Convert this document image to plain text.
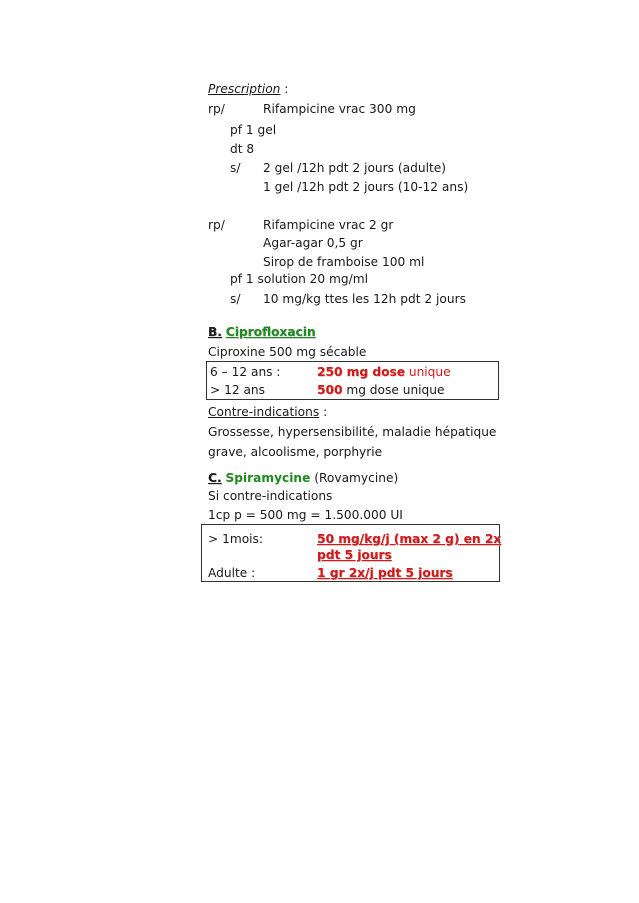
Prescription :
rp/	Rifampicine vrac 300 mg
pf 1 gel
dt 8
s/ 2 gel /12h pdt 2 jours (adulte)
1 gel /12h pdt 2 jours (10-12 ans)
rp/	Rifampicine vrac 2 gr
Agar-agar 0,5 gr
Sirop de framboise 100 ml
pf 1 solution 20 mg/ml
s/ 10 mg/kg ttes les 12h pdt 2 jours
B. Ciprofloxacin
Ciproxine 500 mg sécable
6 – 12 ans :	250 mg dose unique
> 12 ans	500 mg dose unique
Contre-indications :
Grossesse, hypersensibilité, maladie hépatique
grave, alcoolisme, porphyrie
C. Spiramycine (Rovamycine)
Si contre-indications
1cp p = 500 mg = 1.500.000 UI
> 1mois:	50 mg/kg/j (max 2 g) en 2x
pdt 5 jours
Adulte :	1 gr 2x/j pdt 5 jours
